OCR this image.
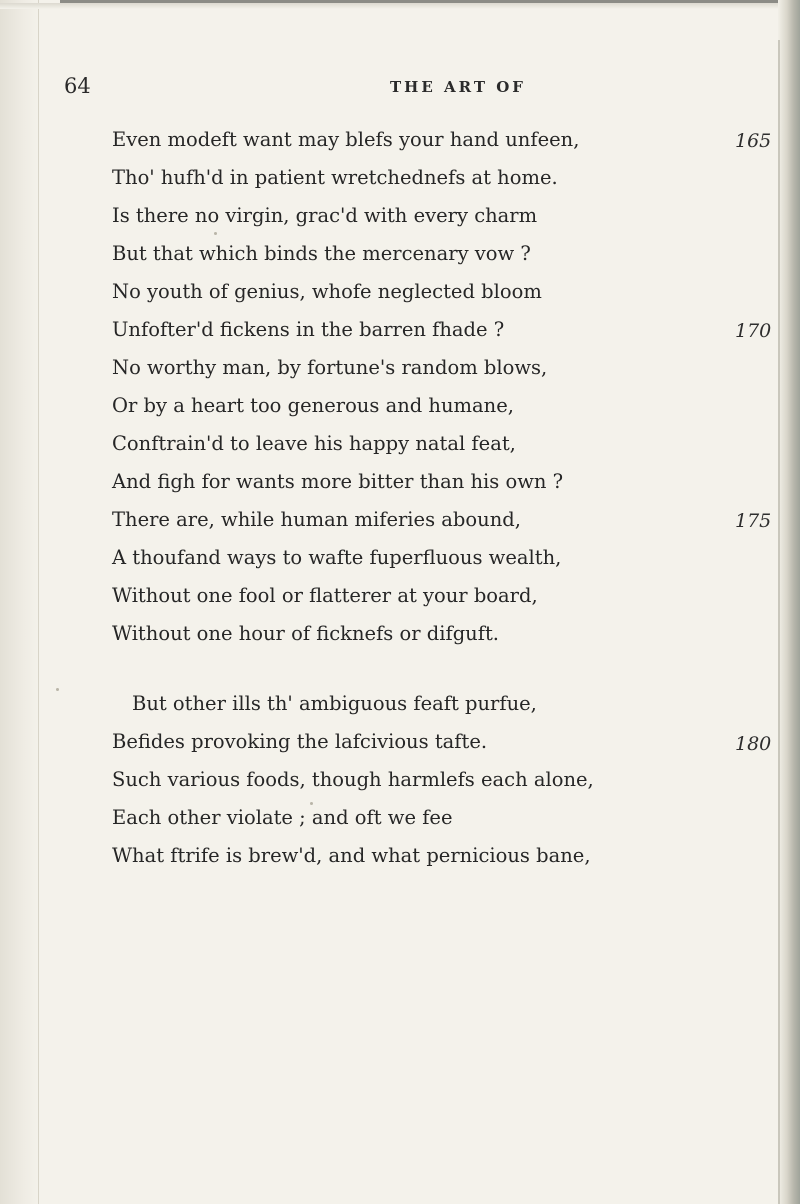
64	THE ART OF
Even modeft want may blefs your hand unfeen,
Tho' hufh'd in patient wretchednefs at home.
Is there no virgin, grac'd with every charm
But that which binds the mercenary vow ?
No youth of genius, whofe neglected bloom
Unfofter'd fickens in the barren fhade ?
No worthy man, by fortune's random blows,
Or by a heart too generous and humane,
Conftrain'd to leave his happy natal feat,
And figh for wants more bitter than his own ?
There are, while human miferies abound,
A thoufand ways to wafte fuperfluous wealth,
Without one fool or flatterer at your board,
Without one hour of ficknefs or difguft.
But other ills th' ambiguous feaft purfue,
Befides provoking the lafcivious tafte.
Such various foods, though harmlefs each alone,
Each other violate ; and oft we fee
What ftrife is brew'd, and what pernicious bane,
165
170
175
180
